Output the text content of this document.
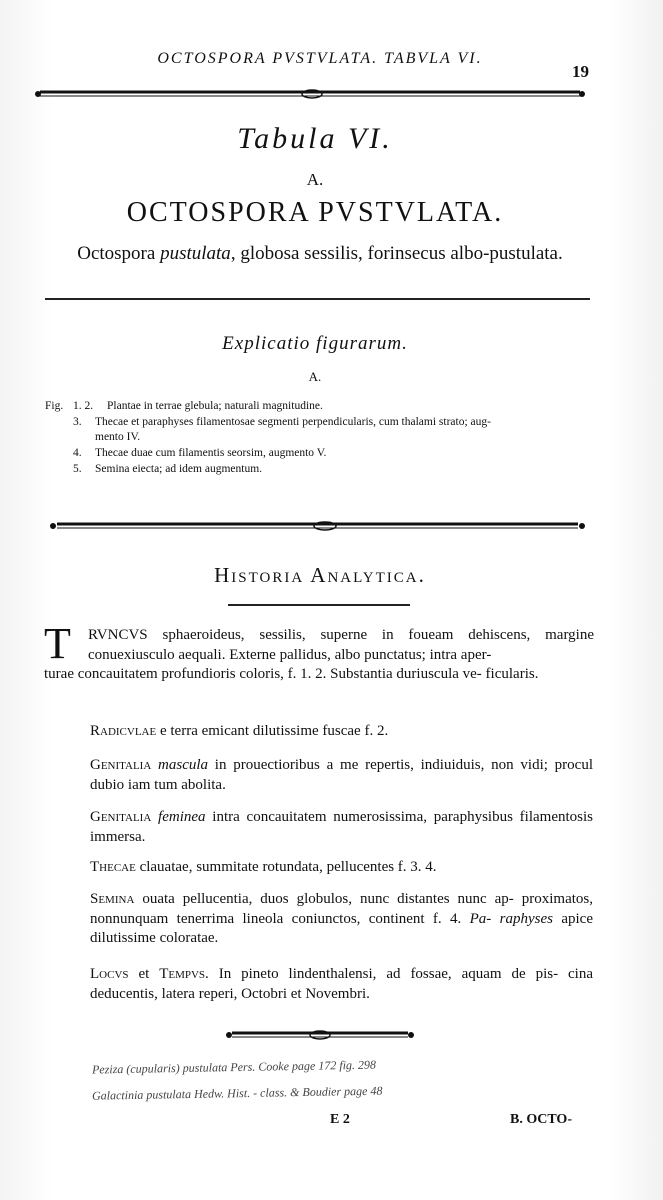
OCTOSPORA PVSTVLATA. TABVLA VI.
19
Tabula VI.
A.
OCTOSPORA PVSTVLATA.
Octospora pustulata, globosa sessilis, forinsecus albo-pustulata.
Explicatio figurarum.
A.
Fig. 1. 2.	Plantae in terrae glebula; naturali magnitudine.
3. Thecae et paraphyses filamentosae segmenti perpendicularis, cum thalami strato; aug-
mento IV.
4. Thecae duae cum filamentis seorsim, augmento V.
5. Semina eiecta; ad idem augmentum.
Historia Analytica.
T RVNCVS sphaeroideus, sessilis, superne in foueam dehiscens, margine conuexiusculo aequali. Externe pallidus, albo punctatus; intra aper-
turae concauitatem profundioris coloris, f. 1. 2. Substantia duriuscula ve- ficularis.
Radicvlae e terra emicant dilutissime fuscae f. 2.
Genitalia mascula in prouectioribus a me repertis, indiuiduis, non vidi; procul dubio iam tum abolita.
Genitalia feminea intra concauitatem numerosissima, paraphysibus filamentosis immersa.
Thecae clauatae, summitate rotundata, pellucentes f. 3. 4.
Semina ouata pellucentia, duos globulos, nunc distantes nunc ap- proximatos, nonnunquam tenerrima lineola coniunctos, continent f. 4. Pa- raphyses apice dilutissime coloratae.
Locvs et Tempvs. In pineto lindenthalensi, ad fossae, aquam de pis- cina deducentis, latera reperi, Octobri et Novembri.
Peziza (cupularis) pustulata Pers. Cooke page 172 fig. 298
Galactinia pustulata Hedw. Hist. - class. & Boudier page 48
E 2	B. OCTO-
